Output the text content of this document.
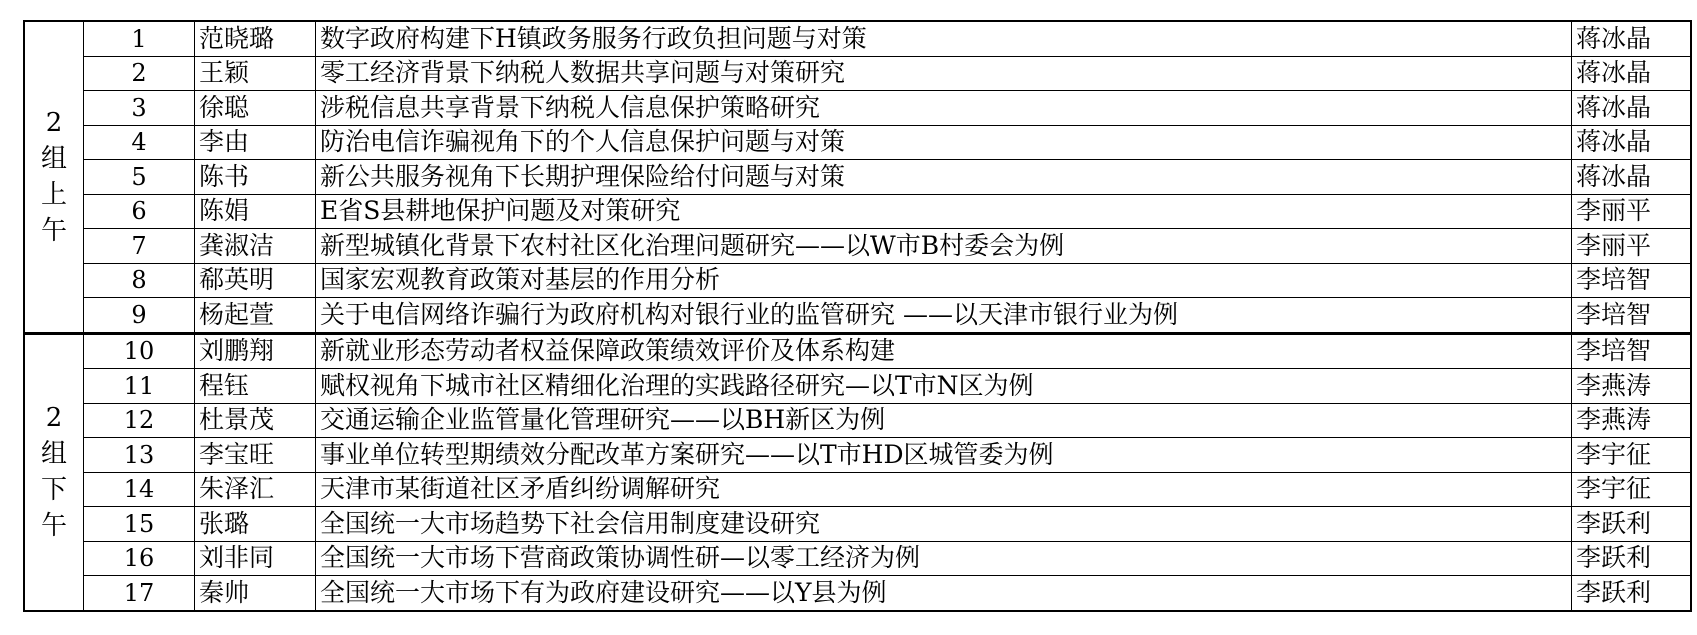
2组上午	1	范晓璐	数字政府构建下H镇政务服务行政负担问题与对策	蒋冰晶
	2	王颖	零工经济背景下纳税人数据共享问题与对策研究	蒋冰晶
	3	徐聪	涉税信息共享背景下纳税人信息保护策略研究	蒋冰晶
	4	李由	防治电信诈骗视角下的个人信息保护问题与对策	蒋冰晶
	5	陈书	新公共服务视角下长期护理保险给付问题与对策	蒋冰晶
	6	陈娟	E省S县耕地保护问题及对策研究	李丽平
	7	龚淑洁	新型城镇化背景下农村社区化治理问题研究——以W市B村委会为例	李丽平
	8	郗英明	国家宏观教育政策对基层的作用分析	李培智
	9	杨起萱	关于电信网络诈骗行为政府机构对银行业的监管研究 ——以天津市银行业为例	李培智
2组下午	10	刘鹏翔	新就业形态劳动者权益保障政策绩效评价及体系构建	李培智
	11	程钰	赋权视角下城市社区精细化治理的实践路径研究—以T市N区为例	李燕涛
	12	杜景茂	交通运输企业监管量化管理研究——以BH新区为例	李燕涛
	13	李宝旺	事业单位转型期绩效分配改革方案研究——以T市HD区城管委为例	李宇征
	14	朱泽汇	天津市某街道社区矛盾纠纷调解研究	李宇征
	15	张璐	全国统一大市场趋势下社会信用制度建设研究	李跃利
	16	刘非同	全国统一大市场下营商政策协调性研—以零工经济为例	李跃利
	17	秦帅	全国统一大市场下有为政府建设研究——以Y县为例	李跃利
